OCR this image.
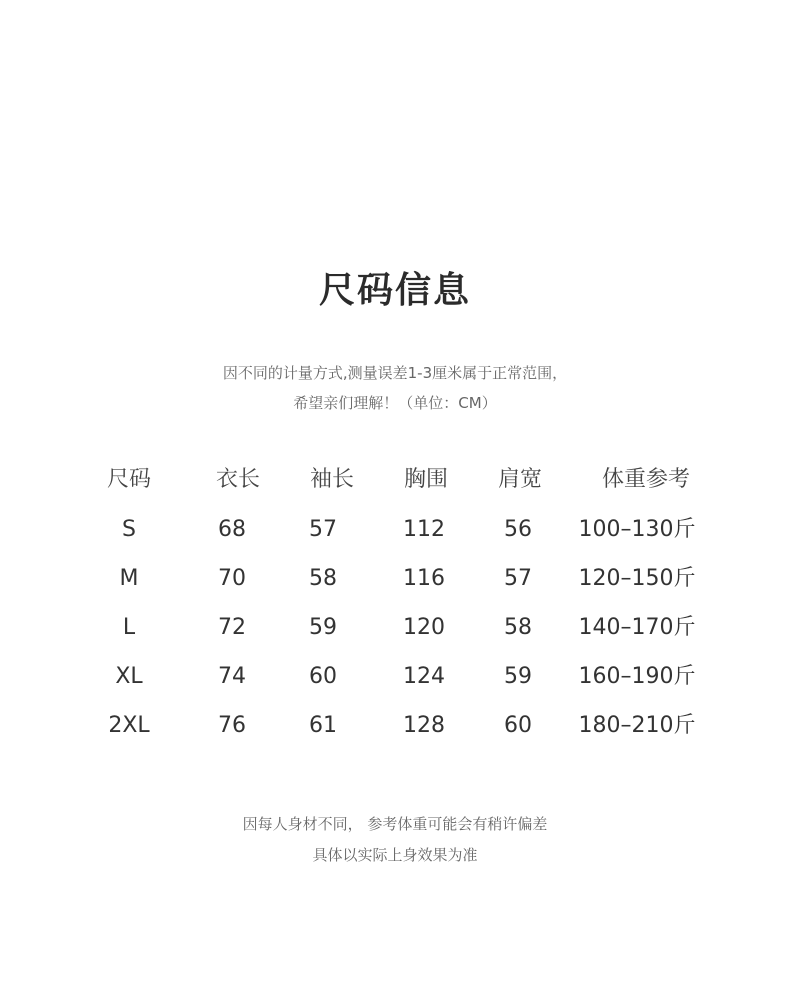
尺码信息
因不同的计量方式,测量误差1-3厘米属于正常范围，
希望亲们理解！（单位：CM）
尺码	衣长 袖长 胸围 肩宽	体重参考
S	68	57	112	56 100–130斤
M	70	58	116	57 120–150斤
L	72	59	120	58 140–170斤
XL	74	60	124	59 160–190斤
2XL	76	61	128	60 180–210斤
因每人身材不同， 参考体重可能会有稍许偏差
具体以实际上身效果为准
